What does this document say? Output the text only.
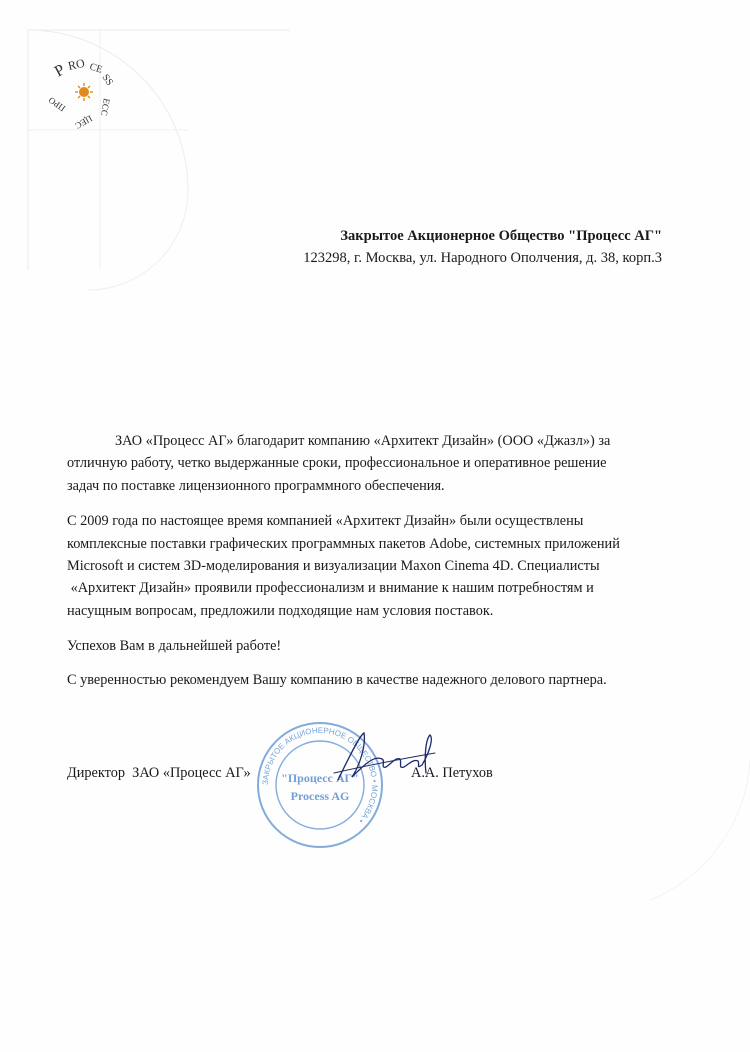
P
RO CE
SS
ЕСС
ЦЕС
ПРО
Закрытое Акционерное Общество "Процесс АГ"
123298, г. Москва, ул. Народного Ополчения, д. 38, корп.3
ЗАО «Процесс АГ» благодарит компанию «Архитект Дизайн» (ООО «Джазл») за
отличную работу, четко выдержанные сроки, профессиональное и оперативное решение
задач по поставке лицензионного программного обеспечения.
С 2009 года по настоящее время компанией «Архитект Дизайн» были осуществлены
комплексные поставки графических программных пакетов Adobe, системных приложений
Microsoft и систем 3D-моделирования и визуализации Maxon Cinema 4D. Специалисты
«Архитект Дизайн» проявили профессионализм и внимание к нашим потребностям и
насущным вопросам, предложили подходящие нам условия поставок.
Успехов Вам в дальнейшей работе!
С уверенностью рекомендуем Вашу компанию в качестве надежного делового партнера.
ЗАКРЫТОЕ АКЦИОНЕРНОЕ ОБЩЕСТВО • МОСКВА •
"Процесс АГ"
Process AG
Директор  ЗАО «Процесс АГ»	А.А. Петухов
